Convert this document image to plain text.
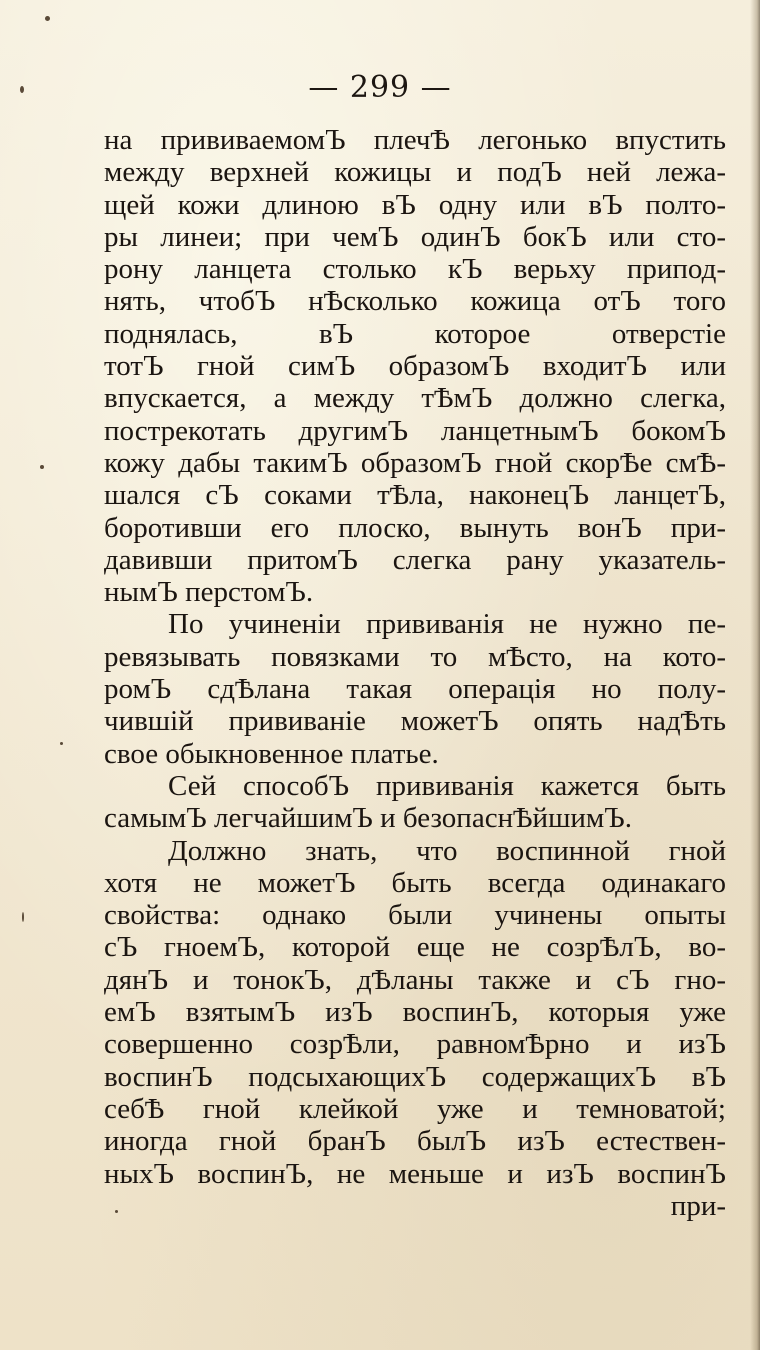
— 299 —
на прививаемомЪ плечѢ легонько впустить
между верхней кожицы и подЪ ней лежа-
щей кожи длиною вЪ одну или вЪ полто-
ры линеи; при чемЪ одинЪ бокЪ или сто-
рону ланцета столько кЪ верьху припод-
нять, чтобЪ нѢсколько кожица отЪ того
поднялась, вЪ которое отверстіе
тотЪ гной симЪ образомЪ входитЪ или
впускается, а между тѢмЪ должно слегка,
пострекотать другимЪ ланцетнымЪ бокомЪ
кожу дабы такимЪ образомЪ гной скорѢе смѢ-
шался сЪ соками тѢла, наконецЪ ланцетЪ,
боротивши его плоско, вынуть вонЪ при-
давивши притомЪ слегка рану указатель-
нымЪ перстомЪ.
По учиненіи прививанія не нужно пе-
ревязывать повязками то мѢсто, на кото-
ромЪ сдѢлана такая операція но полу-
чившій прививаніе можетЪ опять надѢть
свое обыкновенное платье.
Сей способЪ прививанія кажется быть
самымЪ легчайшимЪ и безопаснѢйшимЪ.
Должно знать, что воспинной гной
хотя не можетЪ быть всегда одинакаго
свойства: однако были учинены опыты
сЪ гноемЪ, которой еще не созрѢлЪ, во-
дянЪ и тонокЪ, дѢланы также и сЪ гно-
емЪ взятымЪ изЪ воспинЪ, которыя уже
совершенно созрѢли, равномѢрно и изЪ
воспинЪ подсыхающихЪ содержащихЪ вЪ
себѢ гной клейкой уже и темноватой;
иногда гной бранЪ былЪ изЪ естествен-
ныхЪ воспинЪ, не меньше и изЪ воспинЪ
при-
